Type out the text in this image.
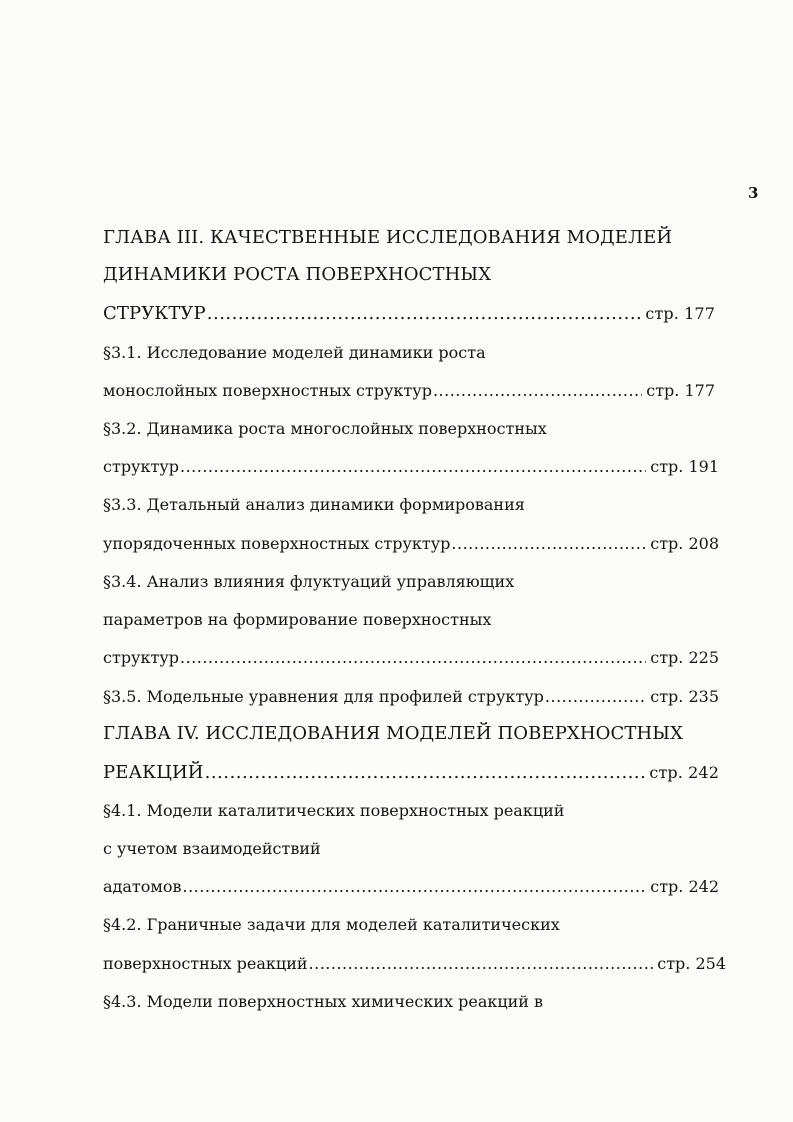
3
ГЛАВА III. КАЧЕСТВЕННЫЕ ИССЛЕДОВАНИЯ МОДЕЛЕЙ
ДИНАМИКИ РОСТА ПОВЕРХНОСТНЫХ
СТРУКТУР .....	стр. 177
§3.1. Исследование моделей динамики роста
монослойных поверхностных структур .....	стр. 177
§3.2. Динамика роста многослойных поверхностных
структур .....	стр. 191
§3.3. Детальный анализ динамики формирования
упорядоченных поверхностных структур .....	стр. 208
§3.4. Анализ влияния флуктуаций управляющих
параметров на формирование поверхностных
структур .....	стр. 225
§3.5. Модельные уравнения для профилей структур .....	стр. 235
ГЛАВА IV. ИССЛЕДОВАНИЯ МОДЕЛЕЙ ПОВЕРХНОСТНЫХ
РЕАКЦИЙ .....	стр. 242
§4.1. Модели каталитических поверхностных реакций
с учетом взаимодействий
адатомов .....	стр. 242
§4.2. Граничные задачи для моделей каталитических
поверхностных реакций .....	стр. 254
§4.3. Модели поверхностных химических реакций в
